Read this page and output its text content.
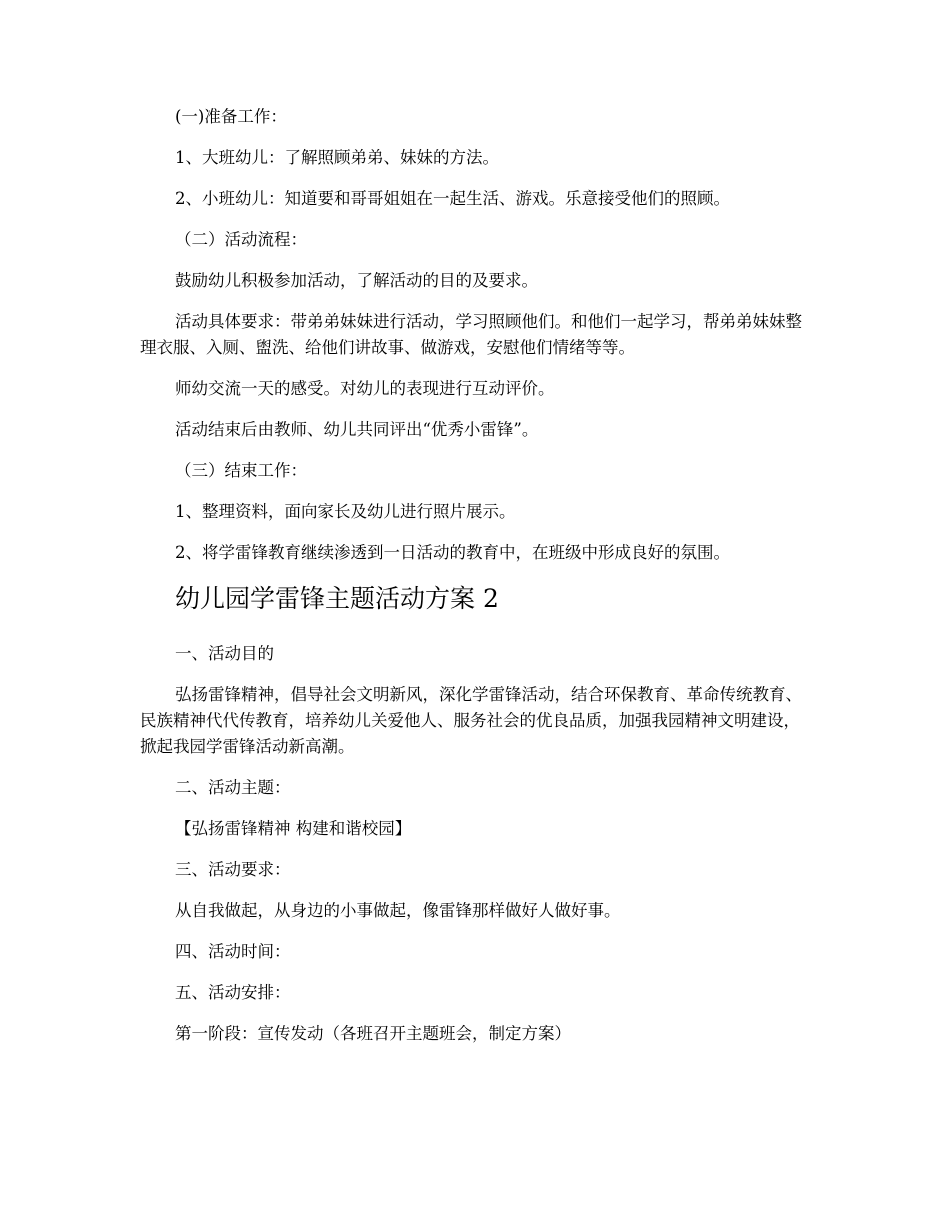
(一)准备工作：

1、大班幼儿：了解照顾弟弟、妹妹的方法。

2、小班幼儿：知道要和哥哥姐姐在一起生活、游戏。乐意接受他们的照顾。

（二）活动流程：

鼓励幼儿积极参加活动，了解活动的目的及要求。

活动具体要求：带弟弟妹妹进行活动，学习照顾他们。和他们一起学习，帮弟弟妹妹整理衣服、入厕、盥洗、给他们讲故事、做游戏，安慰他们情绪等等。

师幼交流一天的感受。对幼儿的表现进行互动评价。

活动结束后由教师、幼儿共同评出“优秀小雷锋”。

（三）结束工作：

1、整理资料，面向家长及幼儿进行照片展示。

2、将学雷锋教育继续渗透到一日活动的教育中，在班级中形成良好的氛围。

幼儿园学雷锋主题活动方案 2

一、活动目的

弘扬雷锋精神，倡导社会文明新风，深化学雷锋活动，结合环保教育、革命传统教育、民族精神代代传教育，培养幼儿关爱他人、服务社会的优良品质，加强我园精神文明建设，掀起我园学雷锋活动新高潮。

二、活动主题：

【弘扬雷锋精神 构建和谐校园】

三、活动要求：

从自我做起，从身边的小事做起，像雷锋那样做好人做好事。

四、活动时间：

五、活动安排：

第一阶段：宣传发动（各班召开主题班会，制定方案）
